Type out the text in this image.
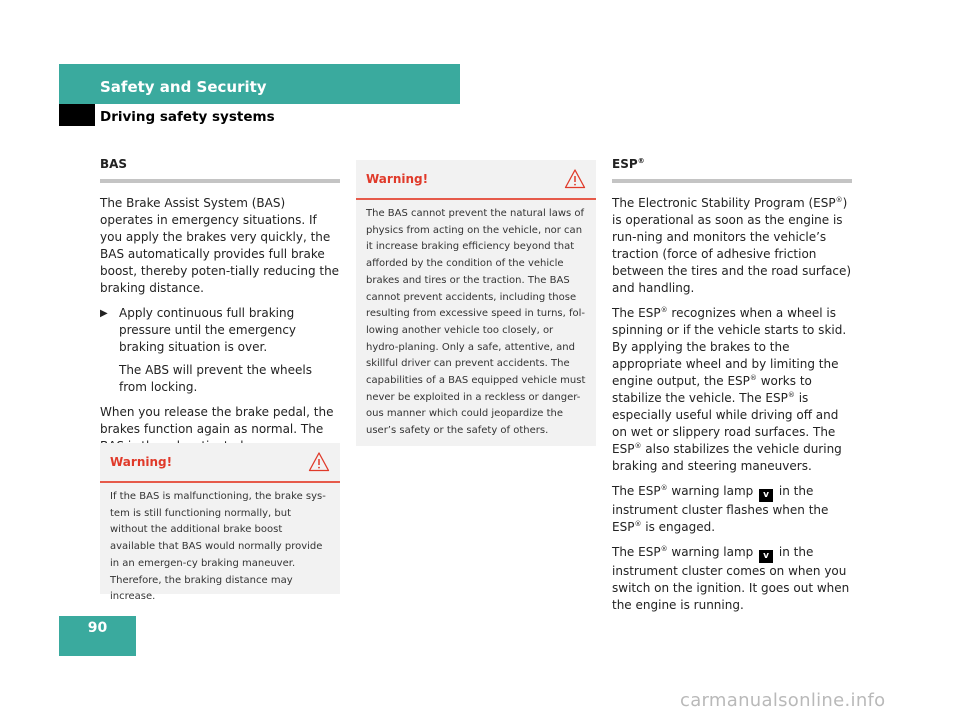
Safety and Security
Driving safety systems
BAS

The Brake Assist System (BAS) operates in emergency situations. If you apply the brakes very quickly, the BAS automatically provides full brake boost, thereby poten-tially reducing the braking distance.

▶ Apply continuous full braking pressure until the emergency braking situation is over.

The ABS will prevent the wheels from locking.

When you release the brake pedal, the brakes function again as normal. The

Warning!
If the BAS is malfunctioning, the brake sys-tem is still functioning normally, but without the additional brake boost available that BAS would normally provide in an emergen-cy braking maneuver. Therefore, the braking distance may increase.
Warning!
The BAS cannot prevent the natural laws of physics from acting on the vehicle, nor can it increase braking efficiency beyond that afforded by the condition of the vehicle brakes and tires or the traction. The BAS cannot prevent accidents, including those resulting from excessive speed in turns, fol-lowing another vehicle too closely, or hydro-planing. Only a safe, attentive, and skillful driver can prevent accidents. The capabilities of a BAS equipped vehicle must never be exploited in a reckless or danger-ous manner which could jeopardize the user’s safety or the safety of others.
ESP®

The Electronic Stability Program (ESP®) is operational as soon as the engine is run-ning and monitors the vehicle’s traction (force of adhesive friction between the tires and the road surface) and handling.

The ESP® recognizes when a wheel is spinning or if the vehicle starts to skid. By applying the brakes to the appropriate wheel and by limiting the engine output, the ESP® works to stabilize the vehicle. The ESP® is especially useful while driving off and on wet or slippery road surfaces. The ESP® also stabilizes the vehicle during braking and steering maneuvers.

The ESP® warning lamp v in the instrument cluster flashes when the ESP® is engaged.

The ESP® warning lamp v in the instrument cluster comes on when you switch on the ignition. It goes out when the engine is running.

90
carmanualsonline.info
